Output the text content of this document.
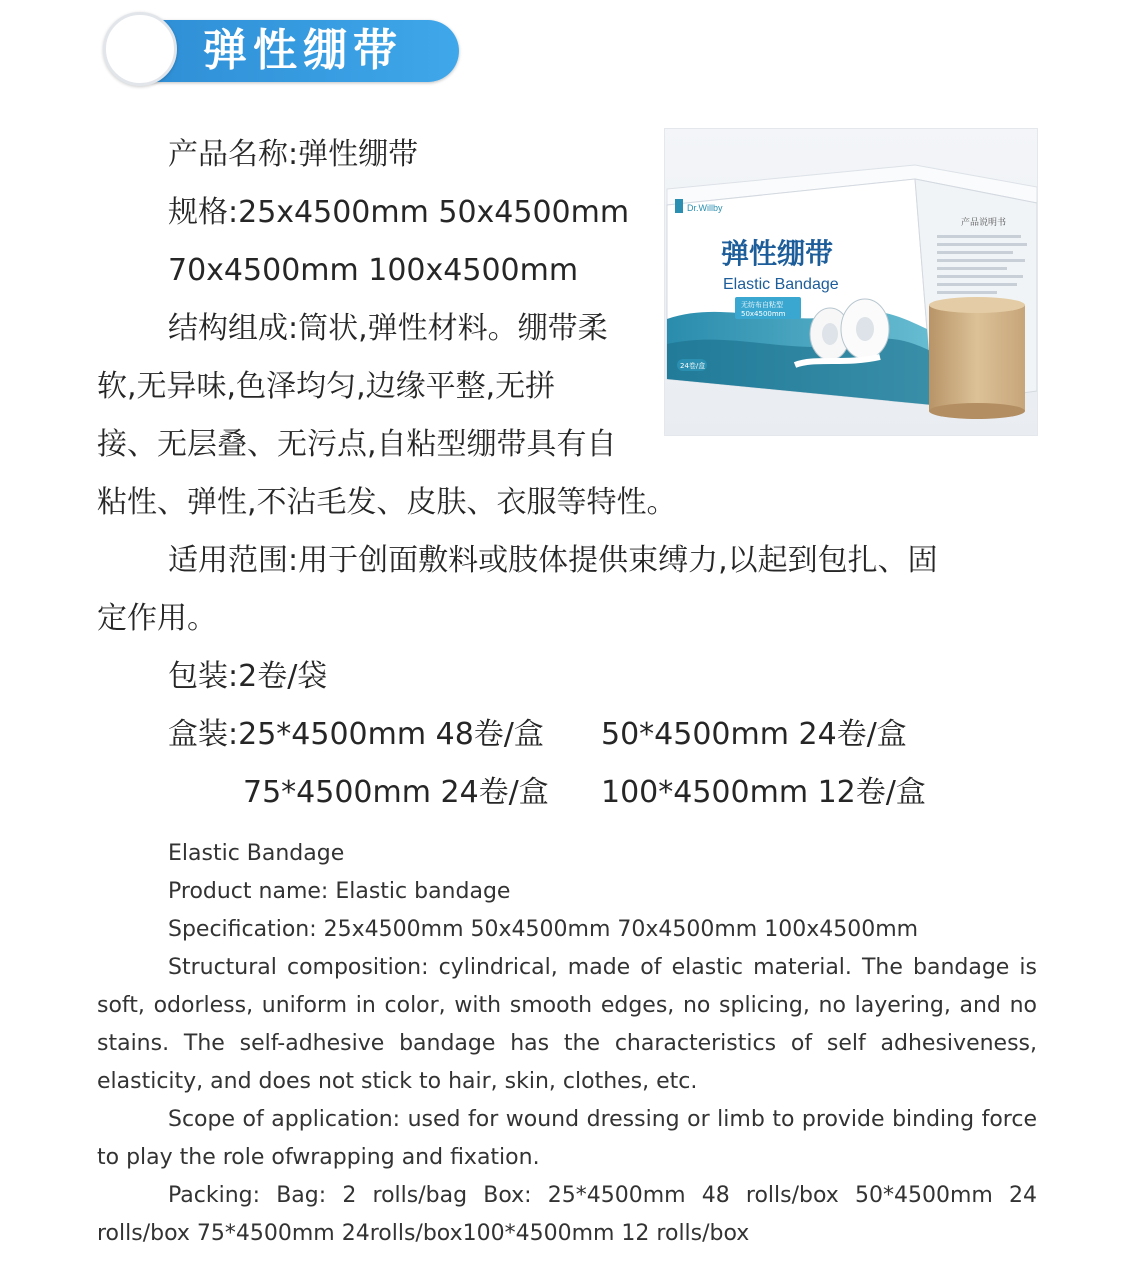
弹性绷带
产品名称:弹性绷带
规格:25x4500mm 50x4500mm
70x4500mm 100x4500mm
结构组成:筒状,弹性材料。绷带柔
软,无异味,色泽均匀,边缘平整,无拼
接、无层叠、无污点,自粘型绷带具有自
粘性、弹性,不沾毛发、皮肤、衣服等特性。
适用范围:用于创面敷料或肢体提供束缚力,以起到包扎、固
定作用。
包装:2卷/袋
盒装:25*4500mm 48卷/盒 50*4500mm 24卷/盒
75*4500mm 24卷/盒 100*4500mm 12卷/盒
Dr.Willby
弹性绷带
Elastic Bandage
无纺布自粘型
50x4500mm
24卷/盒
产品说明书
Elastic Bandage
Product name: Elastic bandage
Specification: 25x4500mm 50x4500mm 70x4500mm 100x4500mm
Structural composition: cylindrical, made of elastic material. The bandage is soft, odorless, uniform in color, with smooth edges, no splicing, no layering, and no stains. The self-adhesive bandage has the characteristics of self adhesiveness, elasticity, and does not stick to hair, skin, clothes, etc.
Scope of application: used for wound dressing or limb to provide binding force to play the role ofwrapping and fixation.
Packing: Bag: 2 rolls/bag Box: 25*4500mm 48 rolls/box 50*4500mm 24 rolls/box 75*4500mm 24rolls/box100*4500mm 12 rolls/box
